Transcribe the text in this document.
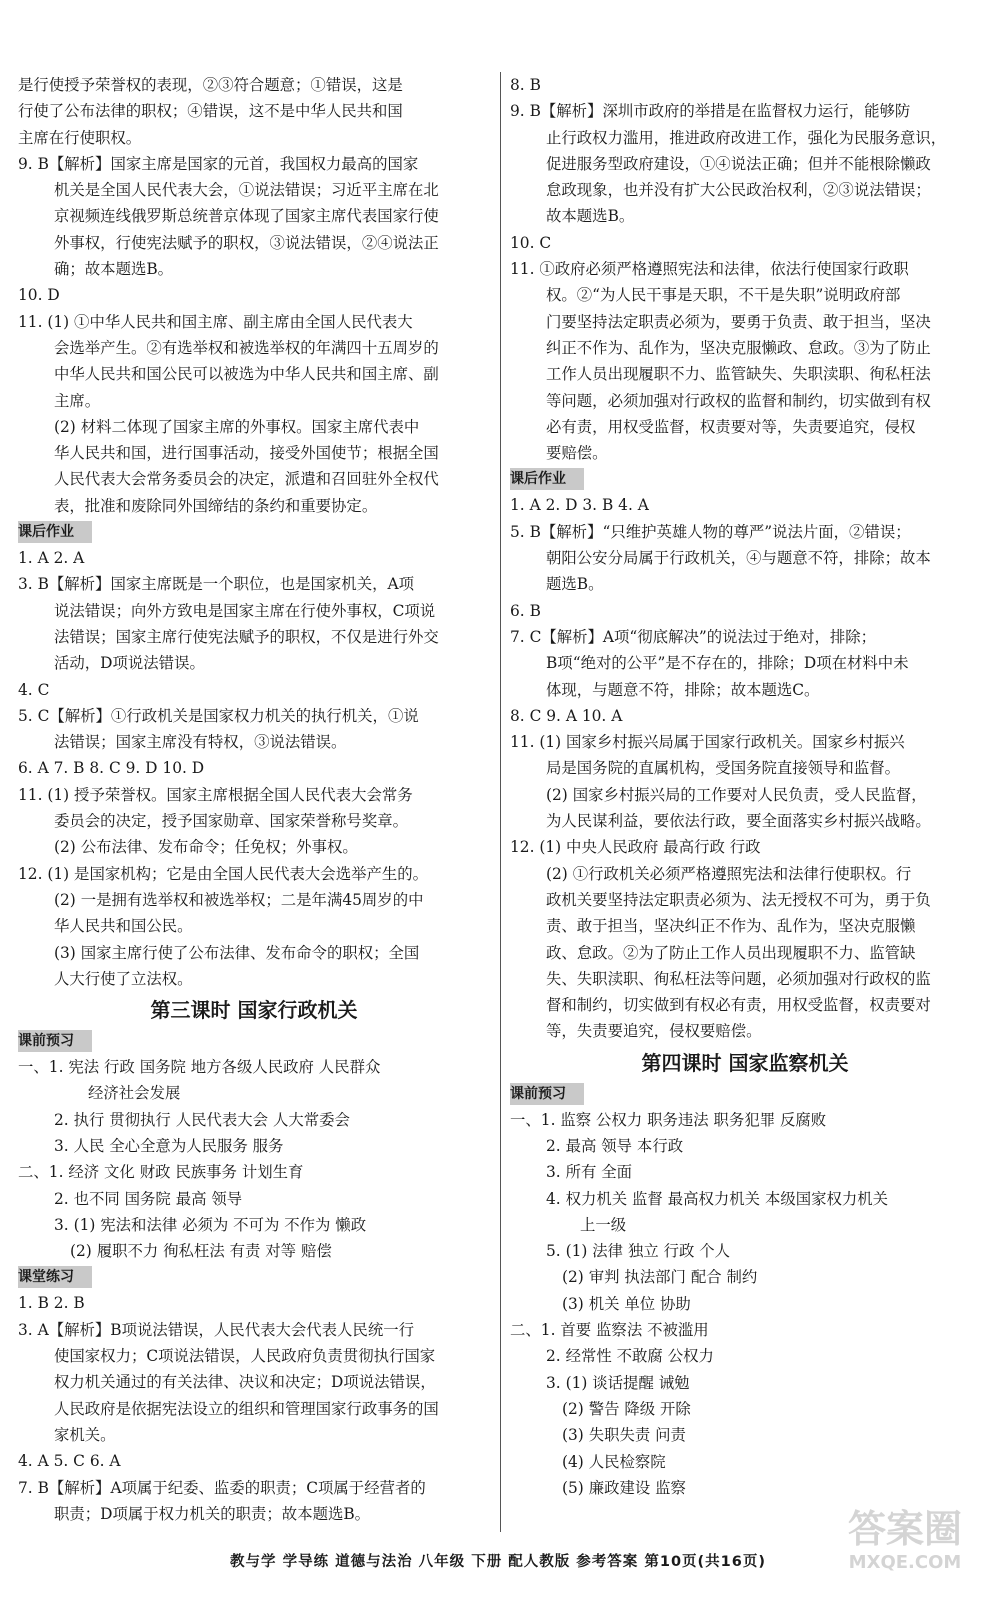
是行使授予荣誉权的表现，②③符合题意；①错误，这是
行使了公布法律的职权；④错误，这不是中华人民共和国
主席在行使职权。
9. B【解析】国家主席是国家的元首，我国权力最高的国家
机关是全国人民代表大会，①说法错误；习近平主席在北
京视频连线俄罗斯总统普京体现了国家主席代表国家行使
外事权，行使宪法赋予的职权，③说法错误，②④说法正
确；故本题选B。
10. D
11. (1) ①中华人民共和国主席、副主席由全国人民代表大
会选举产生。②有选举权和被选举权的年满四十五周岁的
中华人民共和国公民可以被选为中华人民共和国主席、副
主席。
(2) 材料二体现了国家主席的外事权。国家主席代表中
华人民共和国，进行国事活动，接受外国使节；根据全国
人民代表大会常务委员会的决定，派遣和召回驻外全权代
表，批准和废除同外国缔结的条约和重要协定。
课后作业
1. A 2. A
3. B【解析】国家主席既是一个职位，也是国家机关，A项
说法错误；向外方致电是国家主席在行使外事权，C项说
法错误；国家主席行使宪法赋予的职权，不仅是进行外交
活动，D项说法错误。
4. C
5. C【解析】①行政机关是国家权力机关的执行机关，①说
法错误；国家主席没有特权，③说法错误。
6. A 7. B 8. C 9. D 10. D
11. (1) 授予荣誉权。国家主席根据全国人民代表大会常务
委员会的决定，授予国家勋章、国家荣誉称号奖章。
(2) 公布法律、发布命令；任免权；外事权。
12. (1) 是国家机构；它是由全国人民代表大会选举产生的。
(2) 一是拥有选举权和被选举权；二是年满45周岁的中
华人民共和国公民。
(3) 国家主席行使了公布法律、发布命令的职权；全国
人大行使了立法权。
第三课时 国家行政机关
课前预习
一、1. 宪法 行政 国务院 地方各级人民政府 人民群众
经济社会发展
2. 执行 贯彻执行 人民代表大会 人大常委会
3. 人民 全心全意为人民服务 服务
二、1. 经济 文化 财政 民族事务 计划生育
2. 也不同 国务院 最高 领导
3. (1) 宪法和法律 必须为 不可为 不作为 懒政
(2) 履职不力 徇私枉法 有责 对等 赔偿
课堂练习
1. B 2. B
3. A【解析】B项说法错误，人民代表大会代表人民统一行
使国家权力；C项说法错误，人民政府负责贯彻执行国家
权力机关通过的有关法律、决议和决定；D项说法错误，
人民政府是依据宪法设立的组织和管理国家行政事务的国
家机关。
4. A 5. C 6. A
7. B【解析】A项属于纪委、监委的职责；C项属于经营者的
职责；D项属于权力机关的职责；故本题选B。
8. B
9. B【解析】深圳市政府的举措是在监督权力运行，能够防
止行政权力滥用，推进政府改进工作，强化为民服务意识，
促进服务型政府建设，①④说法正确；但并不能根除懒政
怠政现象，也并没有扩大公民政治权利，②③说法错误；
故本题选B。
10. C
11. ①政府必须严格遵照宪法和法律，依法行使国家行政职
权。②“为人民干事是天职，不干是失职”说明政府部
门要坚持法定职责必须为，要勇于负责、敢于担当，坚决
纠正不作为、乱作为，坚决克服懒政、怠政。③为了防止
工作人员出现履职不力、监管缺失、失职渎职、徇私枉法
等问题，必须加强对行政权的监督和制约，切实做到有权
必有责，用权受监督，权责要对等，失责要追究，侵权
要赔偿。
课后作业
1. A 2. D 3. B 4. A
5. B【解析】“只维护英雄人物的尊严”说法片面，②错误；
朝阳公安分局属于行政机关，④与题意不符，排除；故本
题选B。
6. B
7. C【解析】A项“彻底解决”的说法过于绝对，排除；
B项“绝对的公平”是不存在的，排除；D项在材料中未
体现，与题意不符，排除；故本题选C。
8. C 9. A 10. A
11. (1) 国家乡村振兴局属于国家行政机关。国家乡村振兴
局是国务院的直属机构，受国务院直接领导和监督。
(2) 国家乡村振兴局的工作要对人民负责，受人民监督，
为人民谋利益，要依法行政，要全面落实乡村振兴战略。
12. (1) 中央人民政府 最高行政 行政
(2) ①行政机关必须严格遵照宪法和法律行使职权。行
政机关要坚持法定职责必须为、法无授权不可为，勇于负
责、敢于担当，坚决纠正不作为、乱作为，坚决克服懒
政、怠政。②为了防止工作人员出现履职不力、监管缺
失、失职渎职、徇私枉法等问题，必须加强对行政权的监
督和制约，切实做到有权必有责，用权受监督，权责要对
等，失责要追究，侵权要赔偿。
第四课时 国家监察机关
课前预习
一、1. 监察 公权力 职务违法 职务犯罪 反腐败
2. 最高 领导 本行政
3. 所有 全面
4. 权力机关 监督 最高权力机关 本级国家权力机关
上一级
5. (1) 法律 独立 行政 个人
(2) 审判 执法部门 配合 制约
(3) 机关 单位 协助
二、1. 首要 监察法 不被滥用
2. 经常性 不敢腐 公权力
3. (1) 谈话提醒 诫勉
(2) 警告 降级 开除
(3) 失职失责 问责
(4) 人民检察院
(5) 廉政建设 监察
教与学 学导练 道德与法治 八年级 下册 配人教版 参考答案 第10页(共16页)
答案圈
MXQE.COM
